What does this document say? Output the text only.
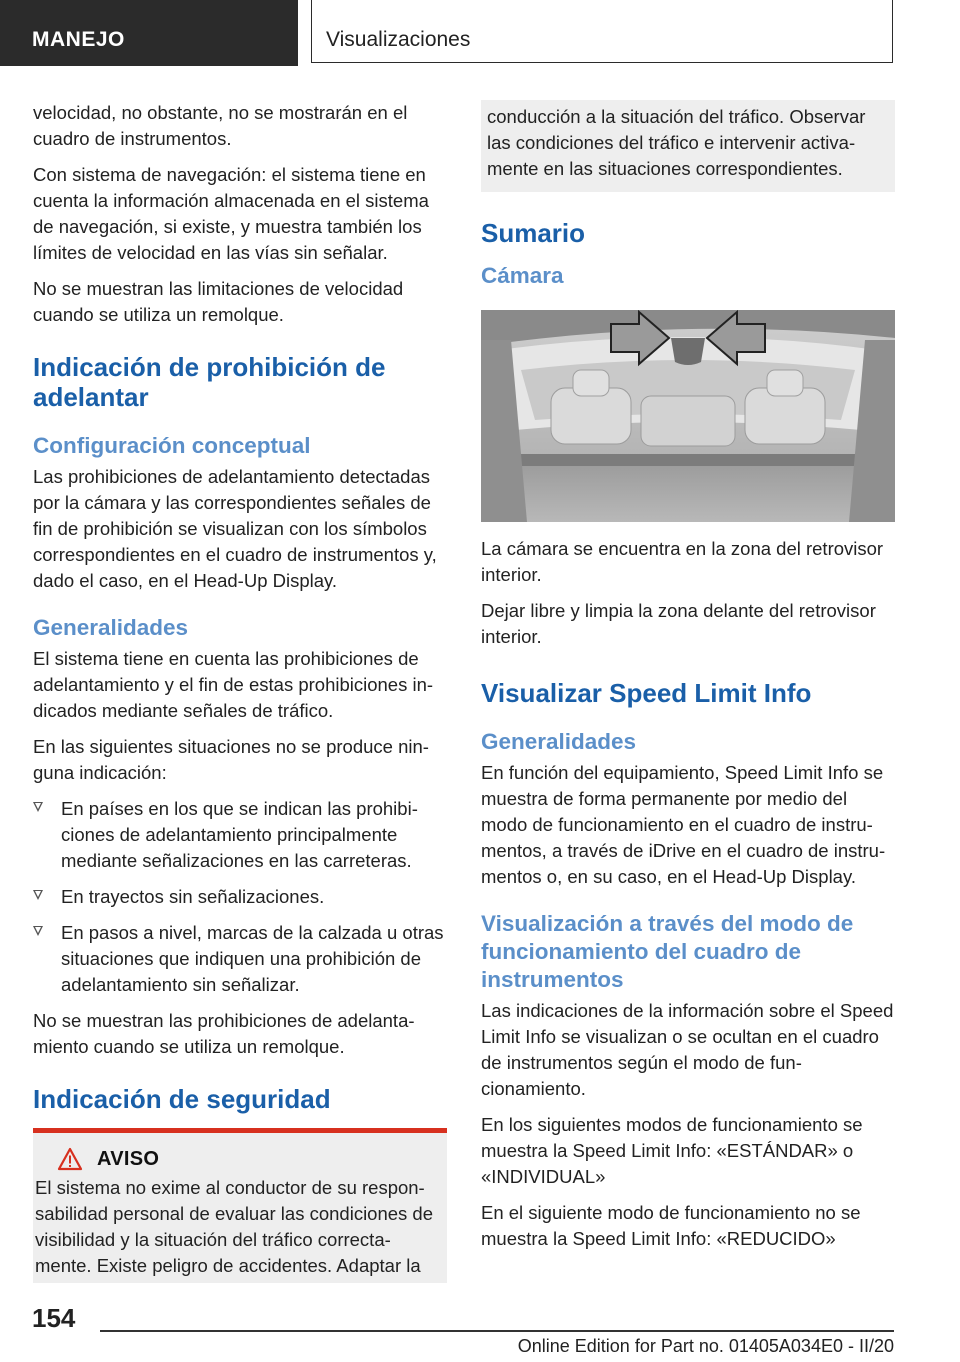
MANEJO	Visualizaciones

velocidad, no obstante, no se mostrarán en el cuadro de instrumentos.

Con sistema de navegación: el sistema tiene en cuenta la información almacenada en el sistema de navegación, si existe, y muestra también los límites de velocidad en las vías sin señalar.

No se muestran las limitaciones de velocidad cuando se utiliza un remolque.

Indicación de prohibición de adelantar
Configuración conceptual

Las prohibiciones de adelantamiento detectadas por la cámara y las correspondientes señales de fin de prohibición se visualizan con los símbolos correspondientes en el cuadro de instrumentos y, dado el caso, en el Head-Up Display.

Generalidades

El sistema tiene en cuenta las prohibiciones de adelantamiento y el fin de estas prohibiciones in- dicados mediante señales de tráfico.

En las siguientes situaciones no se produce nin- guna indicación:

En países en los que se indican las prohibi- ciones de adelantamiento principalmente mediante señalizaciones en las carreteras.
En trayectos sin señalizaciones.
En pasos a nivel, marcas de la calzada u otras situaciones que indiquen una prohibición de adelantamiento sin señalizar.

No se muestran las prohibiciones de adelanta- miento cuando se utiliza un remolque.

Indicación de seguridad
AVISO

El sistema no exime al conductor de su respon- sabilidad personal de evaluar las condiciones de visibilidad y la situación del tráfico correcta- mente. Existe peligro de accidentes. Adaptar la

conducción a la situación del tráfico. Observar las condiciones del tráfico e intervenir activa- mente en las situaciones correspondientes.

Sumario
Cámara

La cámara se encuentra en la zona del retrovisor interior.

Dejar libre y limpia la zona delante del retrovisor interior.

Visualizar Speed Limit Info
Generalidades

En función del equipamiento, Speed Limit Info se muestra de forma permanente por medio del modo de funcionamiento en el cuadro de instru- mentos, a través de iDrive en el cuadro de instru- mentos o, en su caso, en el Head-Up Display.

Visualización a través del modo de funcionamiento del cuadro de instrumentos

Las indicaciones de la información sobre el Speed Limit Info se visualizan o se ocultan en el cuadro de instrumentos según el modo de fun- cionamiento.

En los siguientes modos de funcionamiento se muestra la Speed Limit Info: «ESTÁNDAR» o «INDIVIDUAL»

En el siguiente modo de funcionamiento no se muestra la Speed Limit Info: «REDUCIDO»

154
Online Edition for Part no. 01405A034E0 - II/20
